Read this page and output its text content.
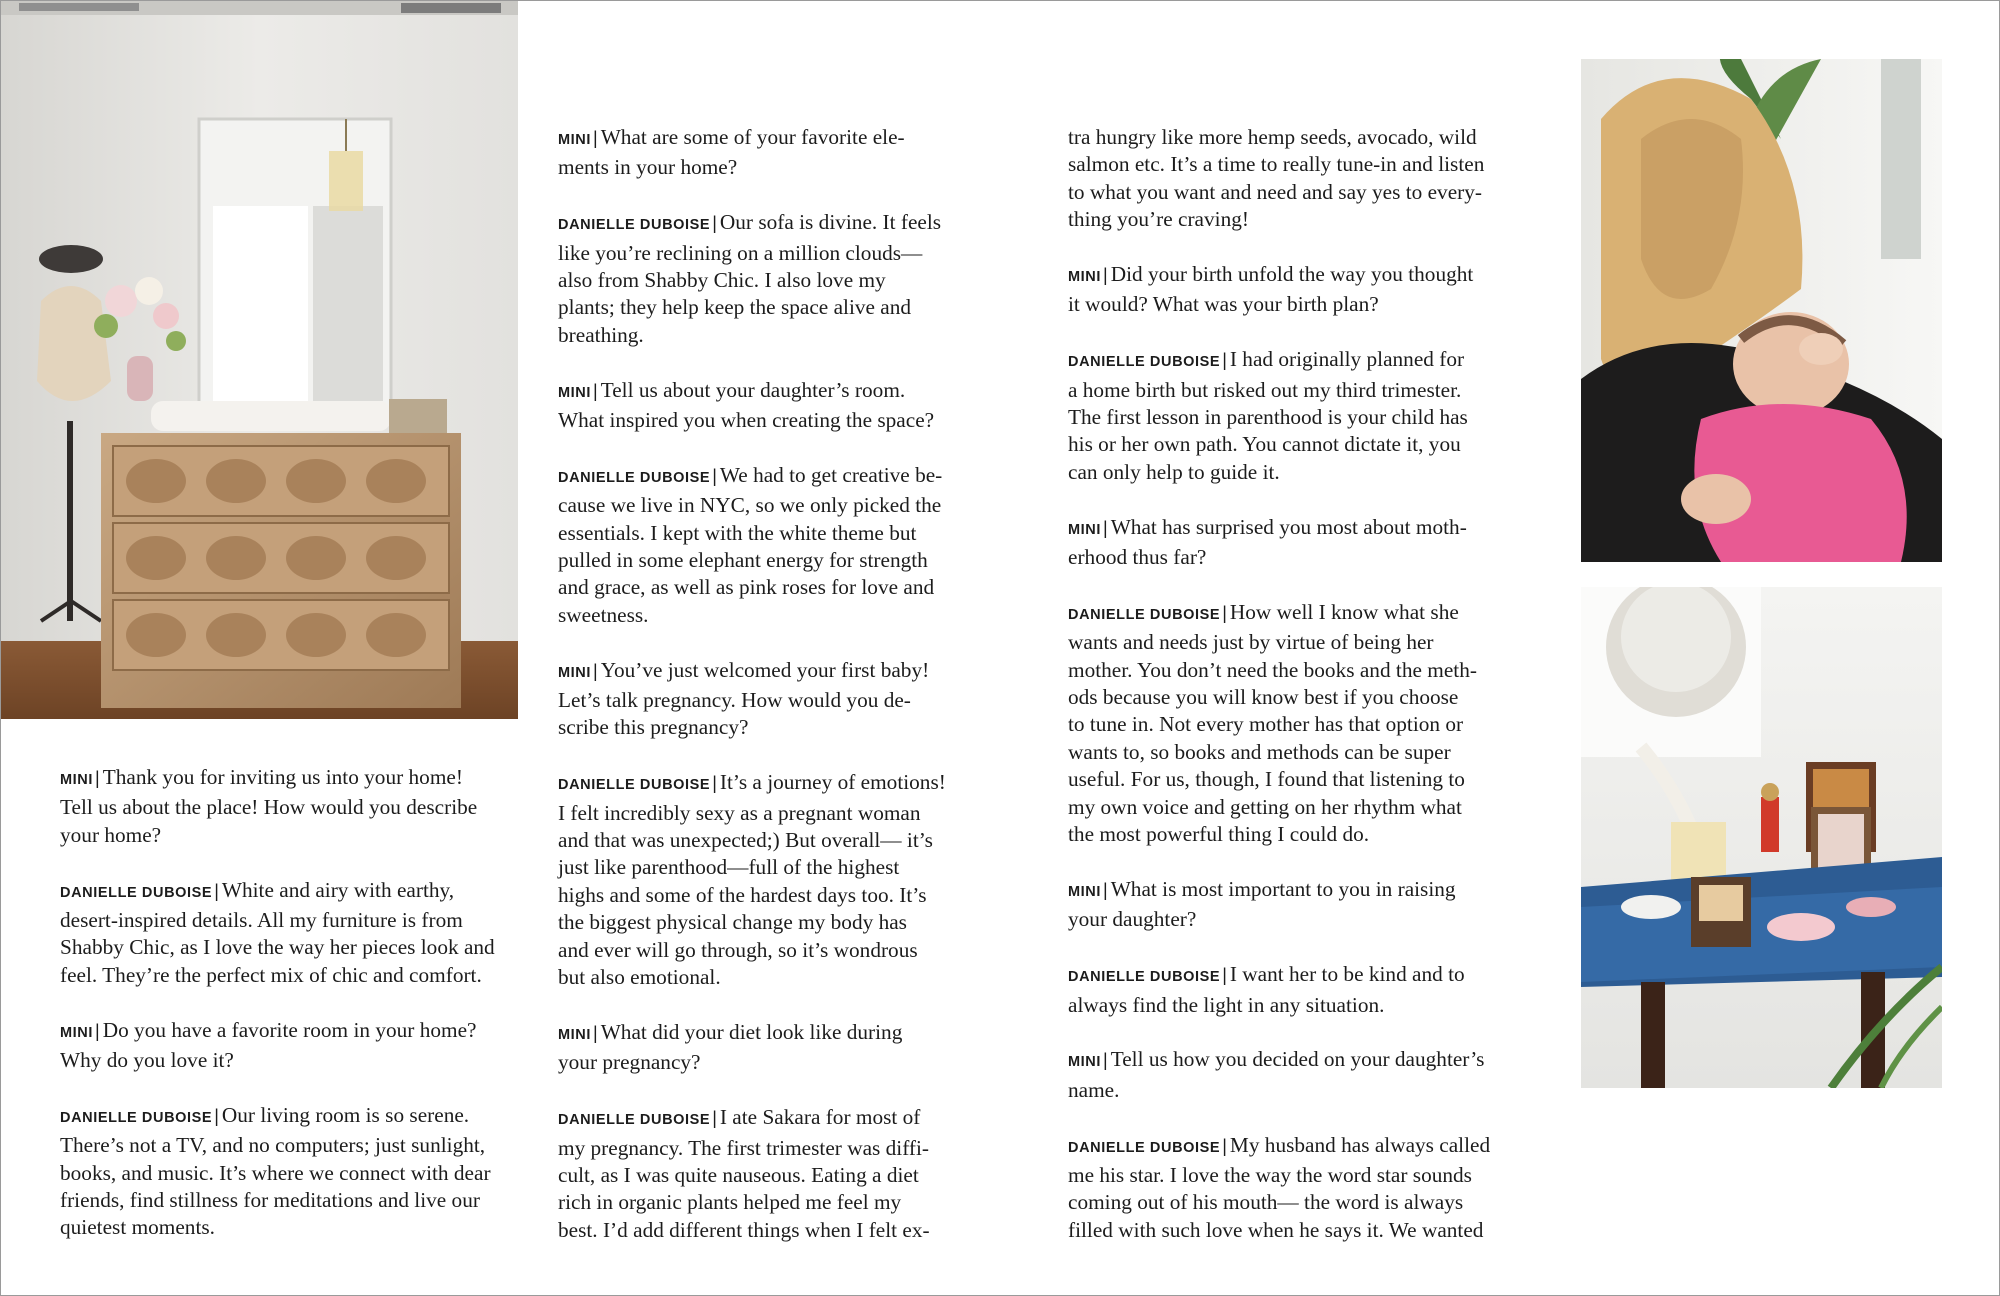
MINI | Thank you for inviting us into your home!
Tell us about the place! How would you describe
your home?

DANIELLE DUBOISE | White and airy with earthy,
desert-inspired details. All my furniture is from
Shabby Chic, as I love the way her pieces look and
feel. They’re the perfect mix of chic and comfort.

MINI | Do you have a favorite room in your home?
Why do you love it?

DANIELLE DUBOISE | Our living room is so serene.
There’s not a TV, and no computers; just sunlight,
books, and music. It’s where we connect with dear
friends, find stillness for meditations and live our
quietest moments.

MINI | What are some of your favorite ele-
ments in your home?

DANIELLE DUBOISE | Our sofa is divine. It feels
like you’re reclining on a million clouds—
also from Shabby Chic. I also love my
plants; they help keep the space alive and
breathing.

MINI | Tell us about your daughter’s room.
What inspired you when creating the space?

DANIELLE DUBOISE | We had to get creative be-
cause we live in NYC, so we only picked the
essentials. I kept with the white theme but
pulled in some elephant energy for strength
and grace, as well as pink roses for love and
sweetness.

MINI | You’ve just welcomed your first baby!
Let’s talk pregnancy. How would you de-
scribe this pregnancy?

DANIELLE DUBOISE | It’s a journey of emotions!
I felt incredibly sexy as a pregnant woman
and that was unexpected;) But overall— it’s
just like parenthood—full of the highest
highs and some of the hardest days too. It’s
the biggest physical change my body has
and ever will go through, so it’s wondrous
but also emotional.

MINI | What did your diet look like during
your pregnancy?

DANIELLE DUBOISE | I ate Sakara for most of
my pregnancy. The first trimester was diffi-
cult, as I was quite nauseous. Eating a diet
rich in organic plants helped me feel my
best. I’d add different things when I felt ex-

tra hungry like more hemp seeds, avocado, wild
salmon etc. It’s a time to really tune-in and listen
to what you want and need and say yes to every-
thing you’re craving!

MINI | Did your birth unfold the way you thought
it would? What was your birth plan?

DANIELLE DUBOISE | I had originally planned for
a home birth but risked out my third trimester.
The first lesson in parenthood is your child has
his or her own path. You cannot dictate it, you
can only help to guide it.

MINI | What has surprised you most about moth-
erhood thus far?

DANIELLE DUBOISE | How well I know what she
wants and needs just by virtue of being her
mother. You don’t need the books and the meth-
ods because you will know best if you choose
to tune in. Not every mother has that option or
wants to, so books and methods can be super
useful. For us, though, I found that listening to
my own voice and getting on her rhythm what
the most powerful thing I could do.

MINI | What is most important to you in raising
your daughter?

DANIELLE DUBOISE | I want her to be kind and to
always find the light in any situation.

MINI | Tell us how you decided on your daughter’s
name.

DANIELLE DUBOISE | My husband has always called
me his star. I love the way the word star sounds
coming out of his mouth— the word is always
filled with such love when he says it. We wanted
